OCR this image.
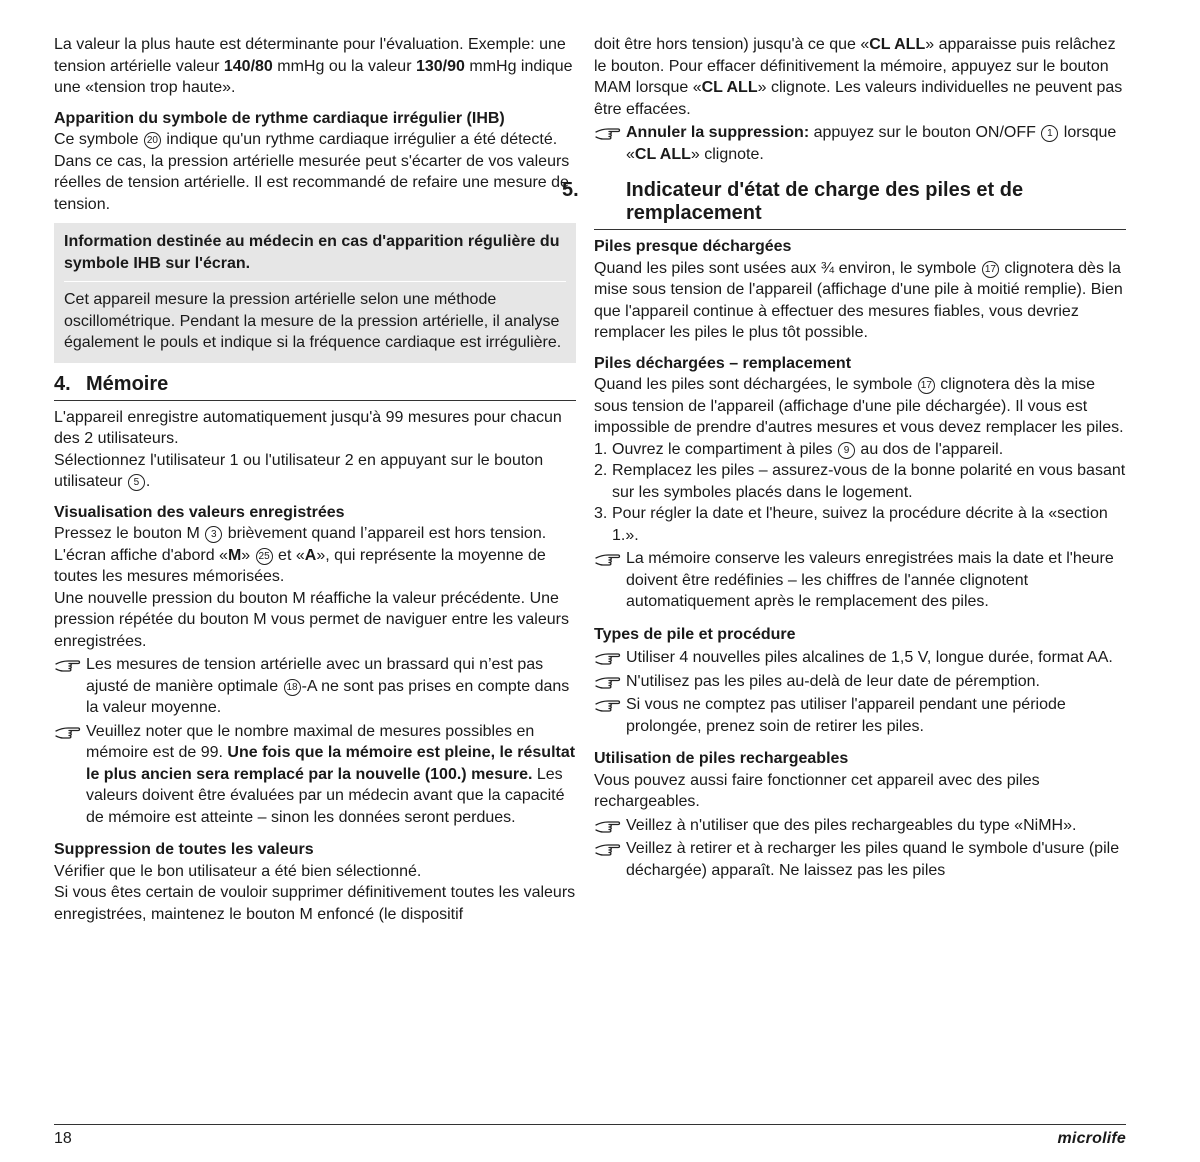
La valeur la plus haute est déterminante pour l'évaluation. Exemple: une tension artérielle valeur 140/80 mmHg ou la valeur 130/90 mmHg indique une «tension trop haute».

Apparition du symbole de rythme cardiaque irrégulier (IHB)

Ce symbole 20 indique qu'un rythme cardiaque irrégulier a été détecté. Dans ce cas, la pression artérielle mesurée peut s'écarter de vos valeurs réelles de tension artérielle. Il est recommandé de refaire une mesure de tension.

Information destinée au médecin en cas d'apparition régulière du symbole IHB sur l'écran.

Cet appareil mesure la pression artérielle selon une méthode oscillométrique. Pendant la mesure de la pression artérielle, il analyse également le pouls et indique si la fréquence cardiaque est irrégulière.

4. Mémoire

L'appareil enregistre automatiquement jusqu'à 99 mesures pour chacun des 2 utilisateurs.

Sélectionnez l'utilisateur 1 ou l'utilisateur 2 en appuyant sur le bouton utilisateur 5 .

Visualisation des valeurs enregistrées

Pressez le bouton M 3 brièvement quand l’appareil est hors tension. L'écran affiche d'abord «M» 25 et «A», qui représente la moyenne de toutes les mesures mémorisées.

Une nouvelle pression du bouton M réaffiche la valeur précédente. Une pression répétée du bouton M vous permet de naviguer entre les valeurs enregistrées.

Les mesures de tension artérielle avec un brassard qui n’est pas ajusté de manière optimale 18 -A ne sont pas prises en compte dans la valeur moyenne.
Veuillez noter que le nombre maximal de mesures possibles en mémoire est de 99. Une fois que la mémoire est pleine, le résultat le plus ancien sera remplacé par la nouvelle (100.) mesure. Les valeurs doivent être évaluées par un médecin avant que la capacité de mémoire est atteinte – sinon les données seront perdues.

Suppression de toutes les valeurs

Vérifier que le bon utilisateur a été bien sélectionné.

Si vous êtes certain de vouloir supprimer définitivement toutes les valeurs enregistrées, maintenez le bouton M enfoncé (le dispositif

doit être hors tension) jusqu'à ce que «CL ALL» apparaisse puis relâchez le bouton. Pour effacer définitivement la mémoire, appuyez sur le bouton MAM lorsque «CL ALL» clignote. Les valeurs individuelles ne peuvent pas être effacées.

Annuler la suppression: appuyez sur le bouton ON/OFF 1 lorsque «CL ALL» clignote.
5. Indicateur d'état de charge des piles et de remplacement

Piles presque déchargées

Quand les piles sont usées aux ¾ environ, le symbole 17 clignotera dès la mise sous tension de l'appareil (affichage d'une pile à moitié remplie). Bien que l'appareil continue à effectuer des mesures fiables, vous devriez remplacer les piles le plus tôt possible.

Piles déchargées – remplacement

Quand les piles sont déchargées, le symbole 17 clignotera dès la mise sous tension de l'appareil (affichage d'une pile déchargée). Il vous est impossible de prendre d'autres mesures et vous devez remplacer les piles.

1. Ouvrez le compartiment à piles 9 au dos de l'appareil.
2. Remplacez les piles – assurez-vous de la bonne polarité en vous basant sur les symboles placés dans le logement.
3. Pour régler la date et l'heure, suivez la procédure décrite à la «section 1.».
La mémoire conserve les valeurs enregistrées mais la date et l'heure doivent être redéfinies – les chiffres de l'année clignotent automatiquement après le remplacement des piles.

Types de pile et procédure

Utiliser 4 nouvelles piles alcalines de 1,5 V, longue durée, format AA.
N'utilisez pas les piles au-delà de leur date de péremption.
Si vous ne comptez pas utiliser l'appareil pendant une période prolongée, prenez soin de retirer les piles.

Utilisation de piles rechargeables

Vous pouvez aussi faire fonctionner cet appareil avec des piles rechargeables.

Veillez à n'utiliser que des piles rechargeables du type «NiMH».
Veillez à retirer et à recharger les piles quand le symbole d'usure (pile déchargée) apparaît. Ne laissez pas les piles
18	microlife
